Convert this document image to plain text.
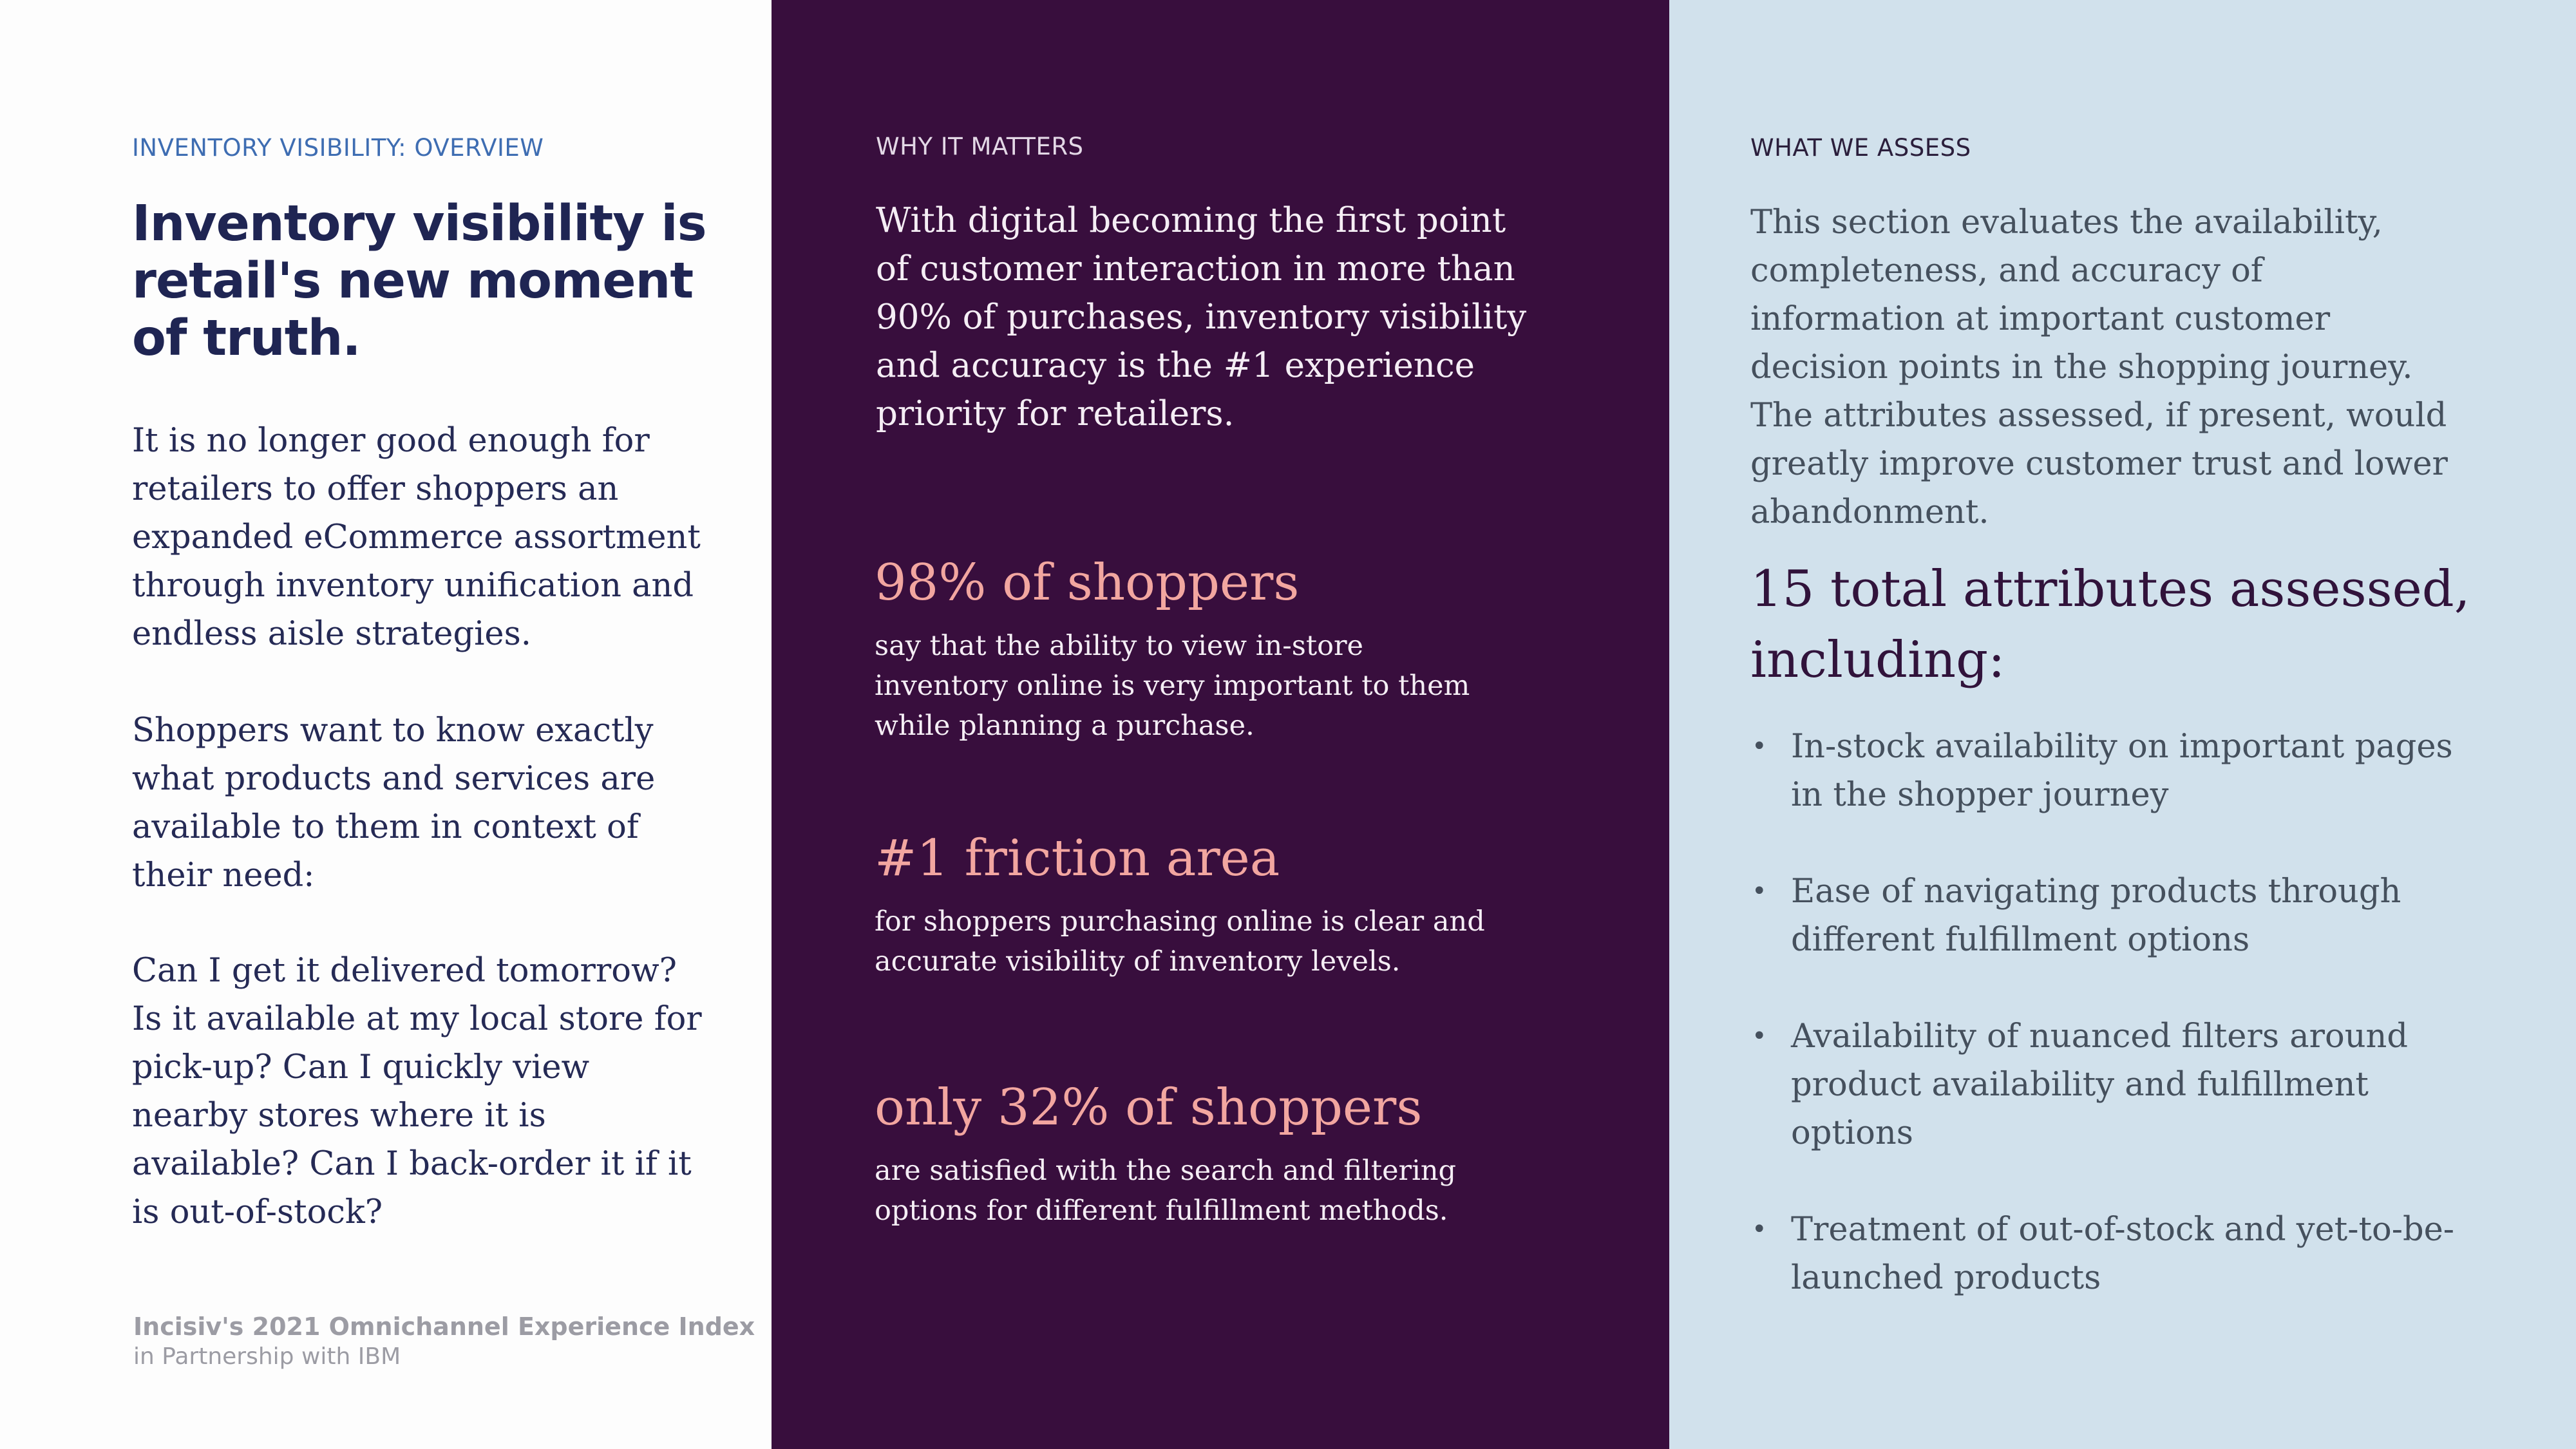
INVENTORY VISIBILITY: OVERVIEW
Inventory visibility is retail's new moment of truth.
It is no longer good enough for retailers to offer shoppers an expanded eCommerce assortment through inventory unification and endless aisle strategies.
Shoppers want to know exactly what products and services are available to them in context of their need:
Can I get it delivered tomorrow? Is it available at my local store for pick-up? Can I quickly view nearby stores where it is available? Can I back-order it if it is out-of-stock?
Incisiv's 2021 Omnichannel Experience Index
in Partnership with IBM
WHY IT MATTERS
With digital becoming the first point of customer interaction in more than 90% of purchases, inventory visibility and accuracy is the #1 experience priority for retailers.
98% of shoppers
say that the ability to view in-store inventory online is very important to them while planning a purchase.
#1 friction area
for shoppers purchasing online is clear and accurate visibility of inventory levels.
only 32% of shoppers
are satisfied with the search and filtering options for different fulfillment methods.
WHAT WE ASSESS
This section evaluates the availability, completeness, and accuracy of information at important customer decision points in the shopping journey. The attributes assessed, if present, would greatly improve customer trust and lower abandonment.
15 total attributes assessed, including:
• In-stock availability on important pages in the shopper journey
• Ease of navigating products through different fulfillment options
• Availability of nuanced filters around product availability and fulfillment options
• Treatment of out-of-stock and yet-to-be-launched products
